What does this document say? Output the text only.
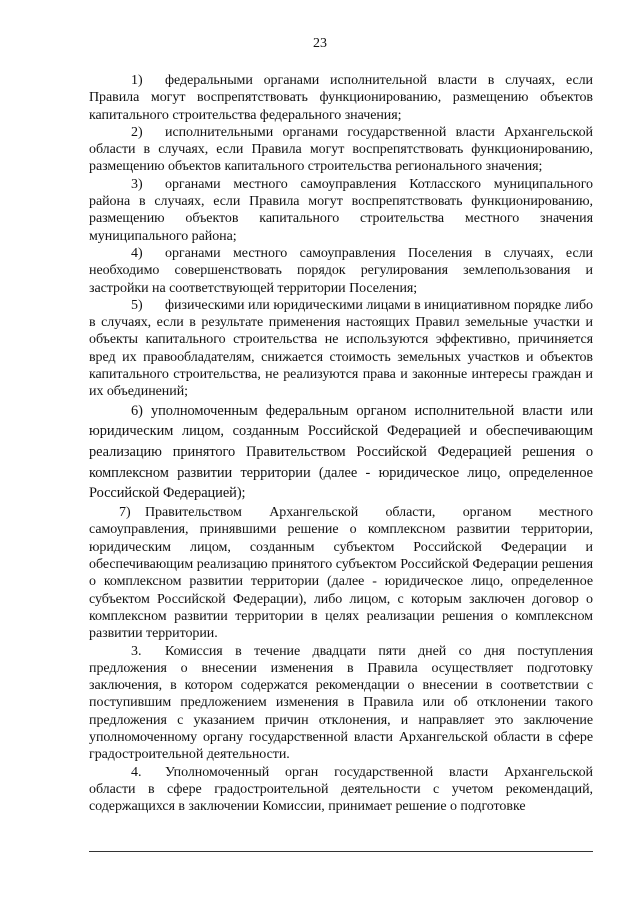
23

1) федеральными органами исполнительной власти в случаях, если Правила могут воспрепятствовать функционированию, размещению объектов капитального строительства федерального значения;

2) исполнительными органами государственной власти Архангельской области в случаях, если Правила могут воспрепятствовать функционированию, размещению объектов капитального строительства регионального значения;

3) органами местного самоуправления Котласского муниципального района в случаях, если Правила могут воспрепятствовать функционированию, размещению объектов капитального строительства местного значения муниципального района;

4) органами местного самоуправления Поселения в случаях, если необходимо совершенствовать порядок регулирования землепользования и застройки на соответствующей территории Поселения;

5) физическими или юридическими лицами в инициативном порядке либо в случаях, если в результате применения настоящих Правил земельные участки и объекты капитального строительства не используются эффективно, причиняется вред их правообладателям, снижается стоимость земельных участков и объектов капитального строительства, не реализуются права и законные интересы граждан и их объединений;

6) уполномоченным федеральным органом исполнительной власти или юридическим лицом, созданным Российской Федерацией и обеспечивающим реализацию принятого Правительством Российской Федерацией решения о комплексном развитии территории (далее - юридическое лицо, определенное Российской Федерацией);

7) Правительством Архангельской области, органом местного самоуправления, принявшими решение о комплексном развитии территории, юридическим лицом, созданным субъектом Российской Федерации и обеспечивающим реализацию принятого субъектом Российской Федерации решения о комплексном развитии территории (далее - юридическое лицо, определенное субъектом Российской Федерации), либо лицом, с которым заключен договор о комплексном развитии территории в целях реализации решения о комплексном развитии территории.

3. Комиссия в течение двадцати пяти дней со дня поступления предложения о внесении изменения в Правила осуществляет подготовку заключения, в котором содержатся рекомендации о внесении в соответствии с поступившим предложением изменения в Правила или об отклонении такого предложения с указанием причин отклонения, и направляет это заключение уполномоченному органу государственной власти Архангельской области в сфере градостроительной деятельности.

4. Уполномоченный орган государственной власти Архангельской области в сфере градостроительной деятельности с учетом рекомендаций, содержащихся в заключении Комиссии, принимает решение о подготовке
